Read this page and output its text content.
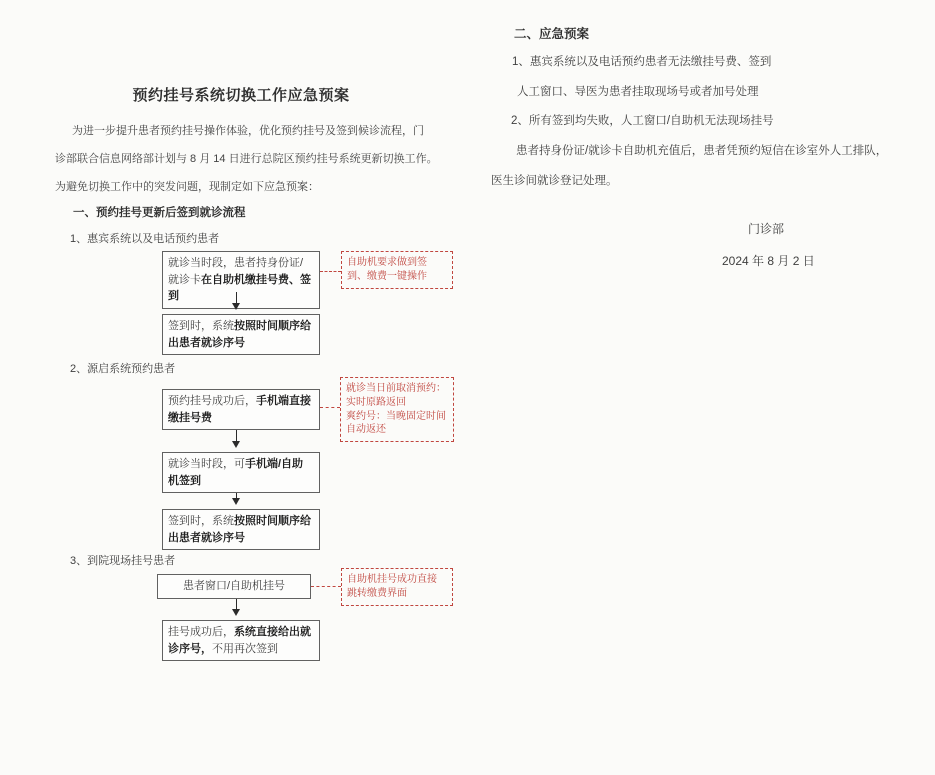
预约挂号系统切换工作应急预案
为进一步提升患者预约挂号操作体验，优化预约挂号及签到候诊流程，门
诊部联合信息网络部计划与 8 月 14 日进行总院区预约挂号系统更新切换工作。
为避免切换工作中的突发问题，现制定如下应急预案：
一、预约挂号更新后签到就诊流程
1、惠宾系统以及电话预约患者
就诊当时段，患者持身份证/就诊卡在自助机缴挂号费、签到
自助机要求做到签
到、缴费一键操作
签到时，系统按照时间顺序给出患者就诊序号
2、源启系统预约患者
预约挂号成功后，手机端直接缴挂号费
就诊当日前取消预约：
实时原路返回
爽约号：当晚固定时间
自动返还
就诊当时段，可手机端/自助机签到
签到时，系统按照时间顺序给出患者就诊序号
3、到院现场挂号患者
患者窗口/自助机挂号
自助机挂号成功直接
跳转缴费界面
挂号成功后，系统直接给出就诊序号，不用再次签到
二、应急预案
1、惠宾系统以及电话预约患者无法缴挂号费、签到
人工窗口、导医为患者挂取现场号或者加号处理
2、所有签到均失败，人工窗口/自助机无法现场挂号
患者持身份证/就诊卡自助机充值后，患者凭预约短信在诊室外人工排队，
医生诊间就诊登记处理。
门诊部
2024 年 8 月 2 日
